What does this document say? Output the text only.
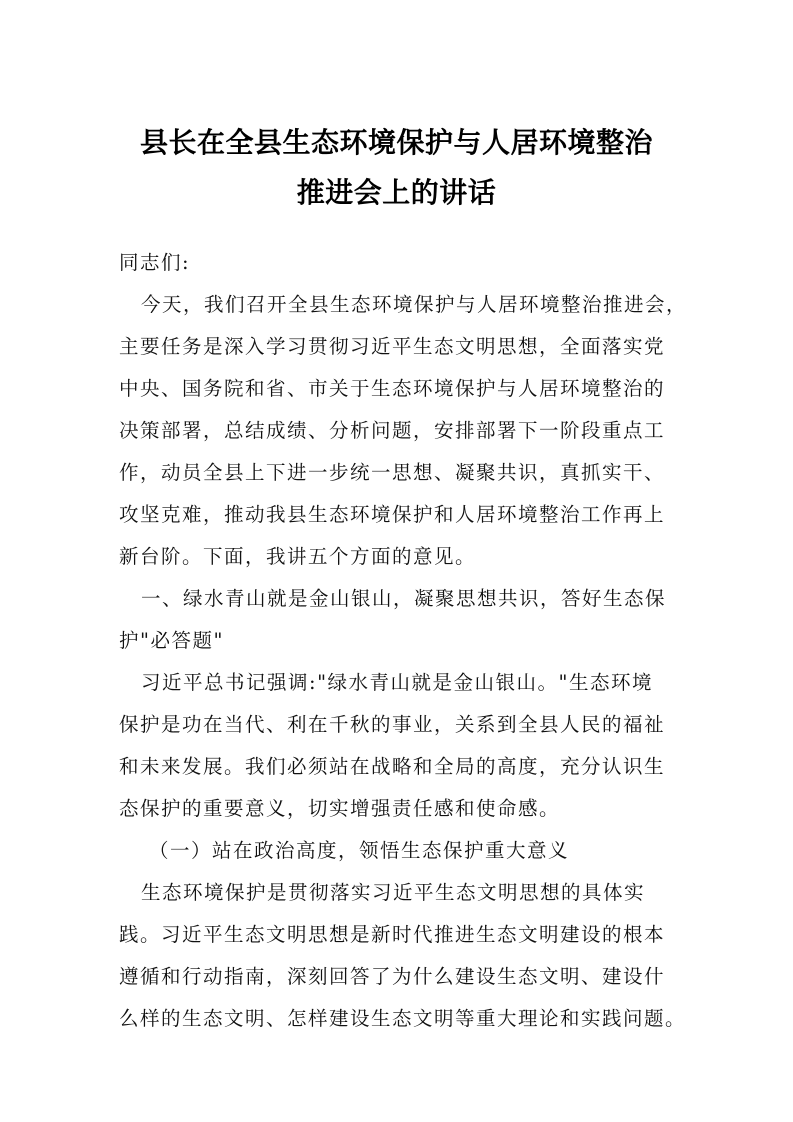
县长在全县生态环境保护与人居环境整治
推进会上的讲话
同志们:
今天，我们召开全县生态环境保护与人居环境整治推进会，
主要任务是深入学习贯彻习近平生态文明思想，全面落实党
中央、国务院和省、市关于生态环境保护与人居环境整治的
决策部署，总结成绩、分析问题，安排部署下一阶段重点工
作，动员全县上下进一步统一思想、凝聚共识，真抓实干、
攻坚克难，推动我县生态环境保护和人居环境整治工作再上
新台阶。下面，我讲五个方面的意见。
一、绿水青山就是金山银山，凝聚思想共识，答好生态保
护"必答题"
习近平总书记强调:"绿水青山就是金山银山。"生态环境
保护是功在当代、利在千秋的事业，关系到全县人民的福祉
和未来发展。我们必须站在战略和全局的高度，充分认识生
态保护的重要意义，切实增强责任感和使命感。
（一）站在政治高度，领悟生态保护重大意义
生态环境保护是贯彻落实习近平生态文明思想的具体实
践。习近平生态文明思想是新时代推进生态文明建设的根本
遵循和行动指南，深刻回答了为什么建设生态文明、建设什
么样的生态文明、怎样建设生态文明等重大理论和实践问题。
